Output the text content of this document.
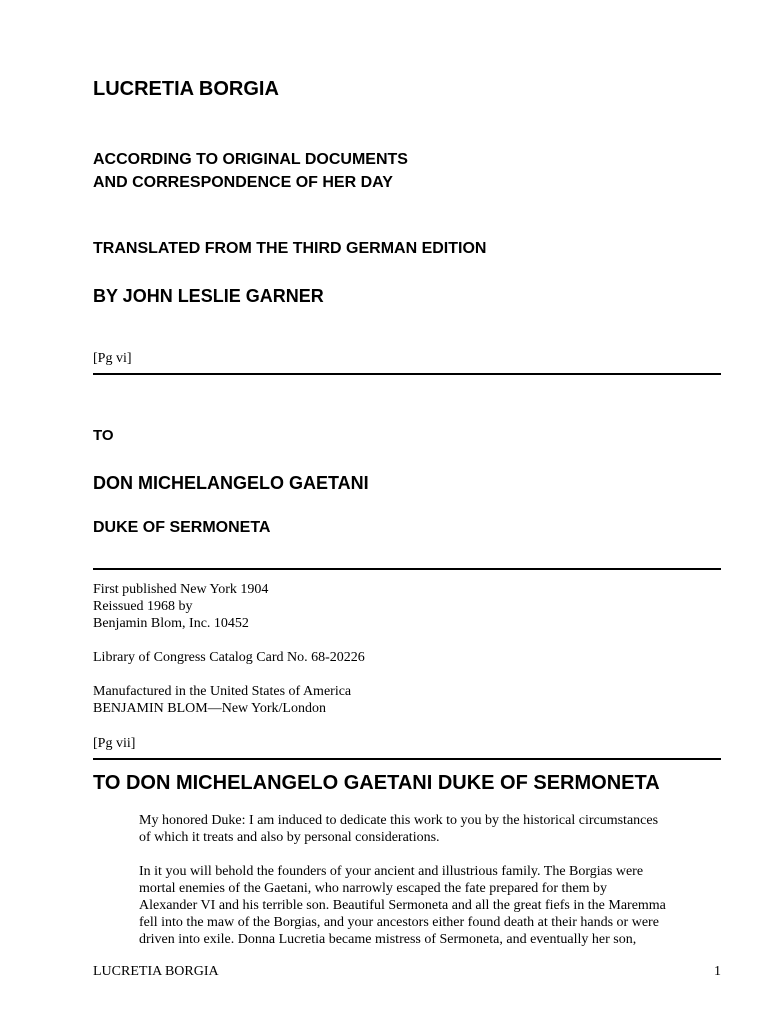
LUCRETIA BORGIA
ACCORDING TO ORIGINAL DOCUMENTS
AND CORRESPONDENCE OF HER DAY
TRANSLATED FROM THE THIRD GERMAN EDITION
BY JOHN LESLIE GARNER
[Pg vi]
TO
DON MICHELANGELO GAETANI
DUKE OF SERMONETA
First published New York 1904
Reissued 1968 by
Benjamin Blom, Inc. 10452
Library of Congress Catalog Card No. 68-20226
Manufactured in the United States of America
BENJAMIN BLOM—New York/London
[Pg vii]
TO DON MICHELANGELO GAETANI DUKE OF SERMONETA
My honored Duke: I am induced to dedicate this work to you by the historical circumstances
of which it treats and also by personal considerations.
In it you will behold the founders of your ancient and illustrious family. The Borgias were
mortal enemies of the Gaetani, who narrowly escaped the fate prepared for them by
Alexander VI and his terrible son. Beautiful Sermoneta and all the great fiefs in the Maremma
fell into the maw of the Borgias, and your ancestors either found death at their hands or were
driven into exile. Donna Lucretia became mistress of Sermoneta, and eventually her son,
LUCRETIA BORGIA	1
